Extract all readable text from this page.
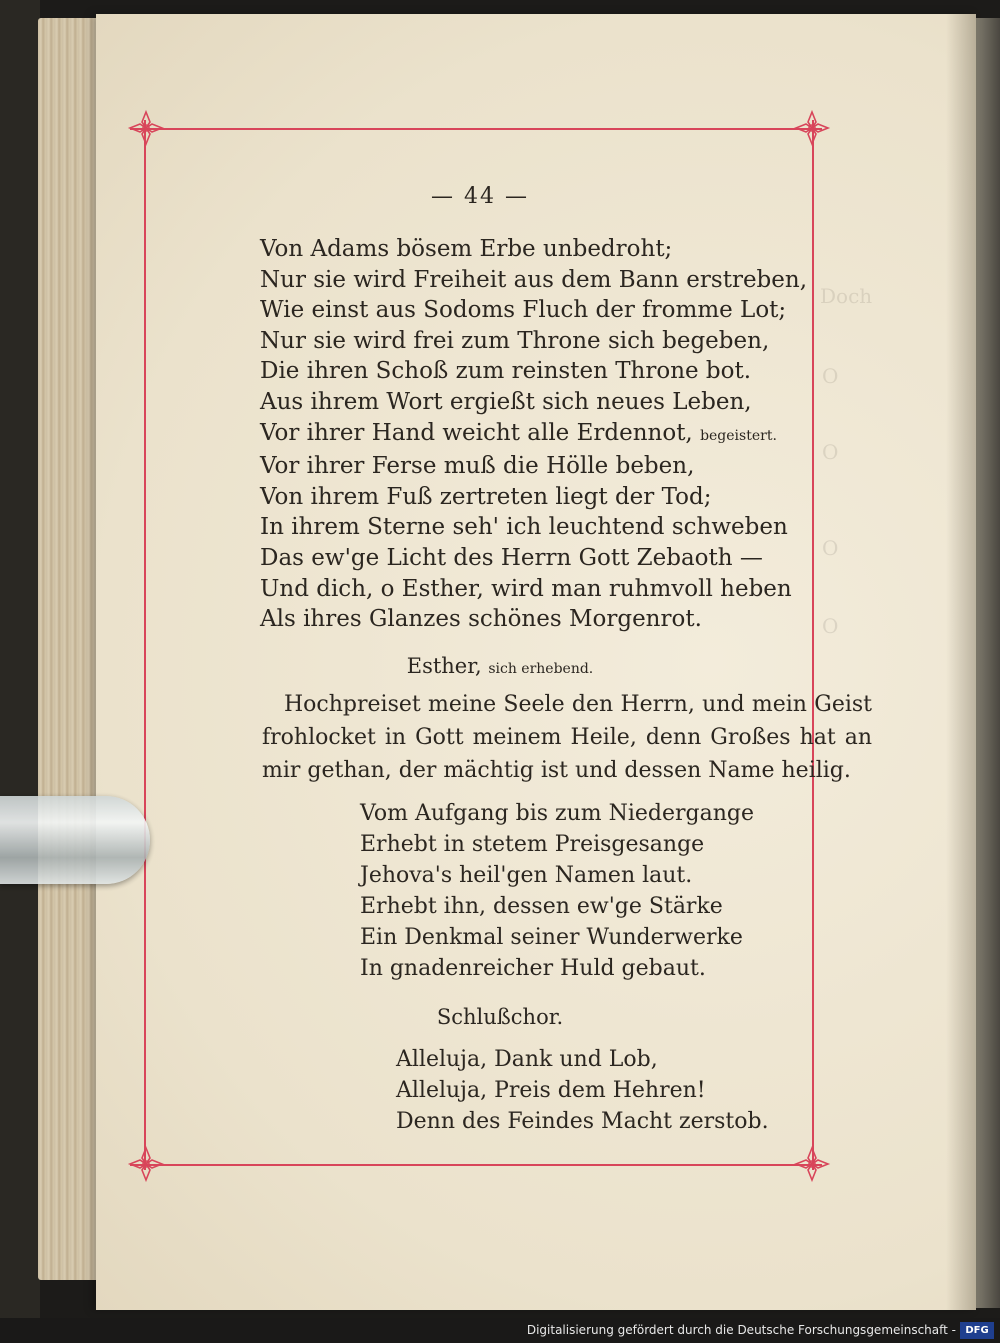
Doch
O
O
O
O
— 44 —
Von Adams bösem Erbe unbedroht;
Nur sie wird Freiheit aus dem Bann erstreben,
Wie einst aus Sodoms Fluch der fromme Lot;
Nur sie wird frei zum Throne sich begeben,
Die ihren Schoß zum reinsten Throne bot.
Aus ihrem Wort ergießt sich neues Leben,
Vor ihrer Hand weicht alle Erdennot, begeistert.
Vor ihrer Ferse muß die Hölle beben,
Von ihrem Fuß zertreten liegt der Tod;
In ihrem Sterne seh' ich leuchtend schweben
Das ew'ge Licht des Herrn Gott Zebaoth —
Und dich, o Esther, wird man ruhmvoll heben
Als ihres Glanzes schönes Morgenrot.
Esther, sich erhebend.
Hochpreiset meine Seele den Herrn, und mein Geist frohlocket in Gott meinem Heile, denn Großes hat an mir gethan, der mächtig ist und dessen Name heilig.
Vom Aufgang bis zum Niedergange
Erhebt in stetem Preisgesange
Jehova's heil'gen Namen laut.
Erhebt ihn, dessen ew'ge Stärke
Ein Denkmal seiner Wunderwerke
In gnadenreicher Huld gebaut.
Schlußchor.
Alleluja, Dank und Lob,
Alleluja, Preis dem Hehren!
Denn des Feindes Macht zerstob.
Digitalisierung gefördert durch die Deutsche Forschungsgemeinschaft - DFG
